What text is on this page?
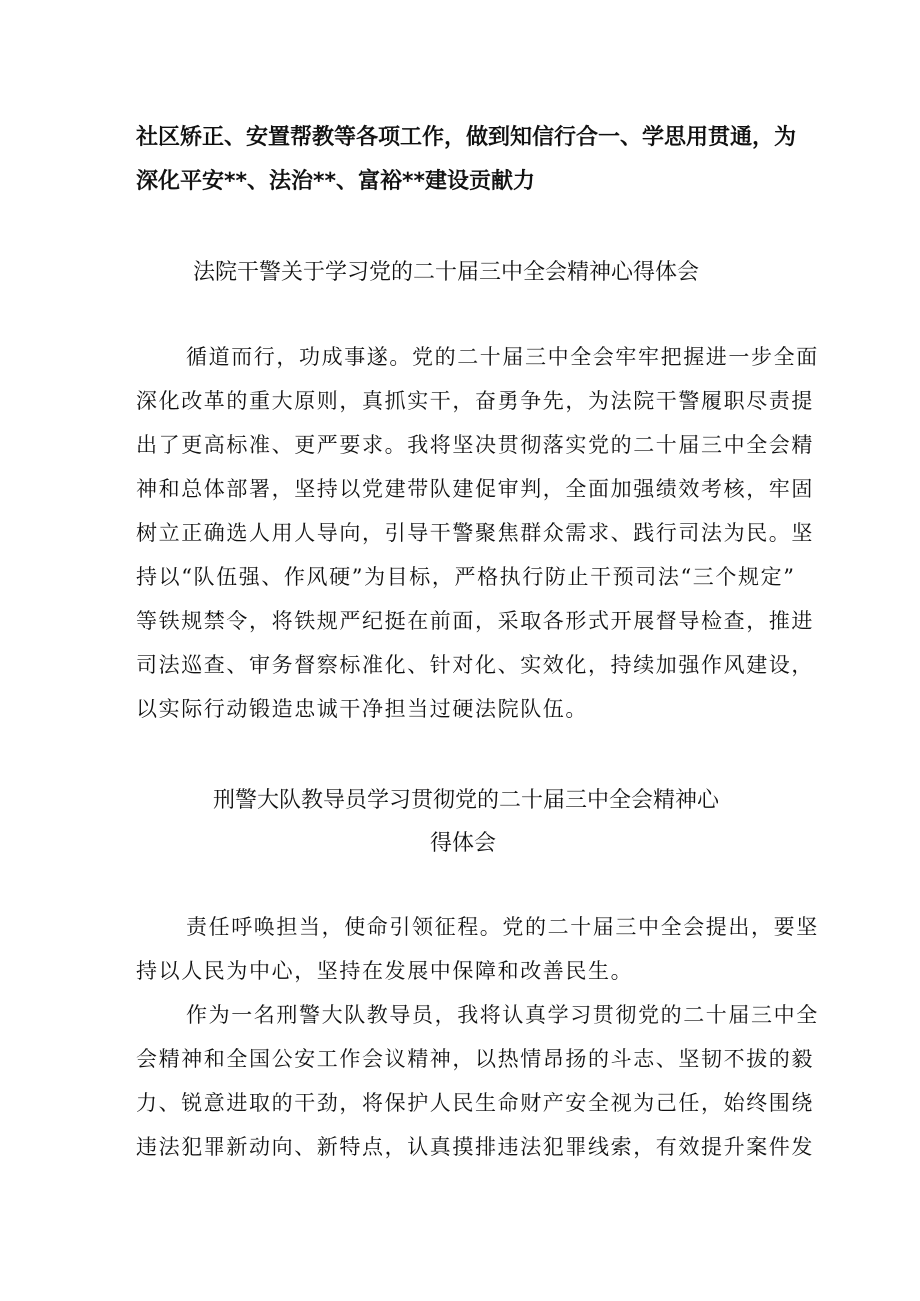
社区矫正、安置帮教等各项工作，做到知信行合一、学思用贯通，为
深化平安**、法治**、富裕**建设贡献力
法院干警关于学习党的二十届三中全会精神心得体会
循道而行，功成事遂。党的二十届三中全会牢牢把握进一步全面
深化改革的重大原则，真抓实干，奋勇争先，为法院干警履职尽责提
出了更高标准、更严要求。我将坚决贯彻落实党的二十届三中全会精
神和总体部署，坚持以党建带队建促审判，全面加强绩效考核，牢固
树立正确选人用人导向，引导干警聚焦群众需求、践行司法为民。坚
持以“队伍强、作风硬”为目标，严格执行防止干预司法“三个规定”
等铁规禁令，将铁规严纪挺在前面，采取各形式开展督导检查，推进
司法巡查、审务督察标准化、针对化、实效化，持续加强作风建设，
以实际行动锻造忠诚干净担当过硬法院队伍。
刑警大队教导员学习贯彻党的二十届三中全会精神心
得体会
责任呼唤担当，使命引领征程。党的二十届三中全会提出，要坚
持以人民为中心，坚持在发展中保障和改善民生。
作为一名刑警大队教导员，我将认真学习贯彻党的二十届三中全
会精神和全国公安工作会议精神，以热情昂扬的斗志、坚韧不拔的毅
力、锐意进取的干劲，将保护人民生命财产安全视为己任，始终围绕
违法犯罪新动向、新特点，认真摸排违法犯罪线索，有效提升案件发
